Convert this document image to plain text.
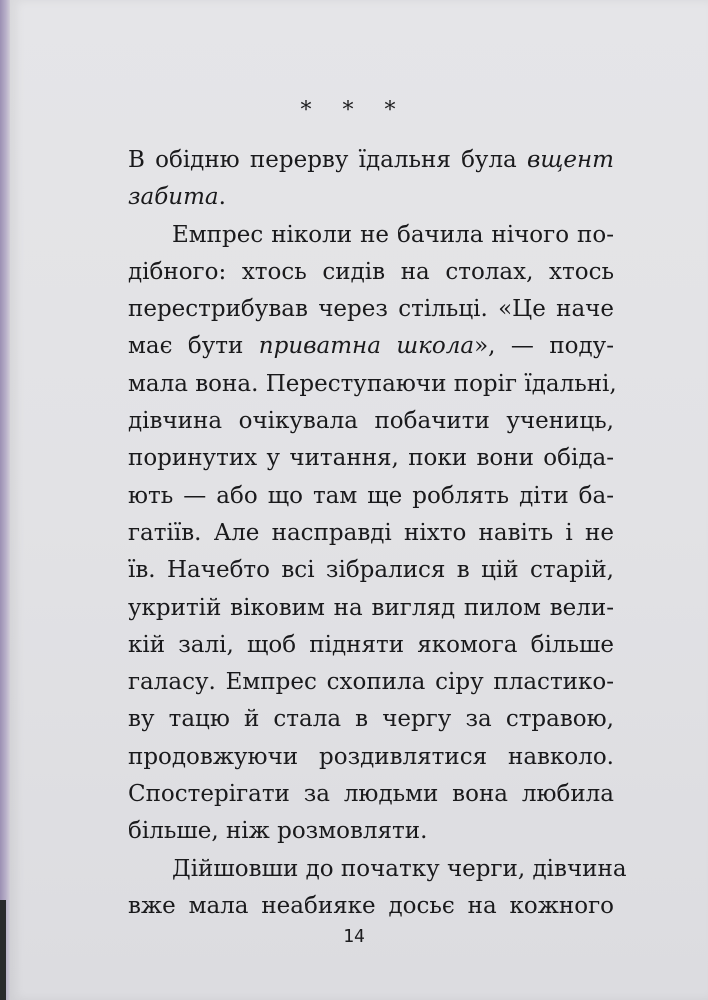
* * *
В обідню перерву їдальня була вщент
забита.
Емпрес ніколи не бачила нічого по-
дібного: хтось сидів на столах, хтось
перестрибував через стільці. «Це наче
має бути приватна школа», — поду-
мала вона. Переступаючи поріг їдальні,
дівчина очікувала побачити учениць,
поринутих у читання, поки вони обіда-
ють — або що там ще роблять діти ба-
гатіїв. Але насправді ніхто навіть і не
їв. Начебто всі зібралися в цій старій,
укритій віковим на вигляд пилом вели-
кій залі, щоб підняти якомога більше
галасу. Емпрес схопила сіру пластико-
ву тацю й стала в чергу за стравою,
продовжуючи роздивлятися навколо.
Спостерігати за людьми вона любила
більше, ніж розмовляти.
Дійшовши до початку черги, дівчина
вже мала неабияке досьє на кожного
14
